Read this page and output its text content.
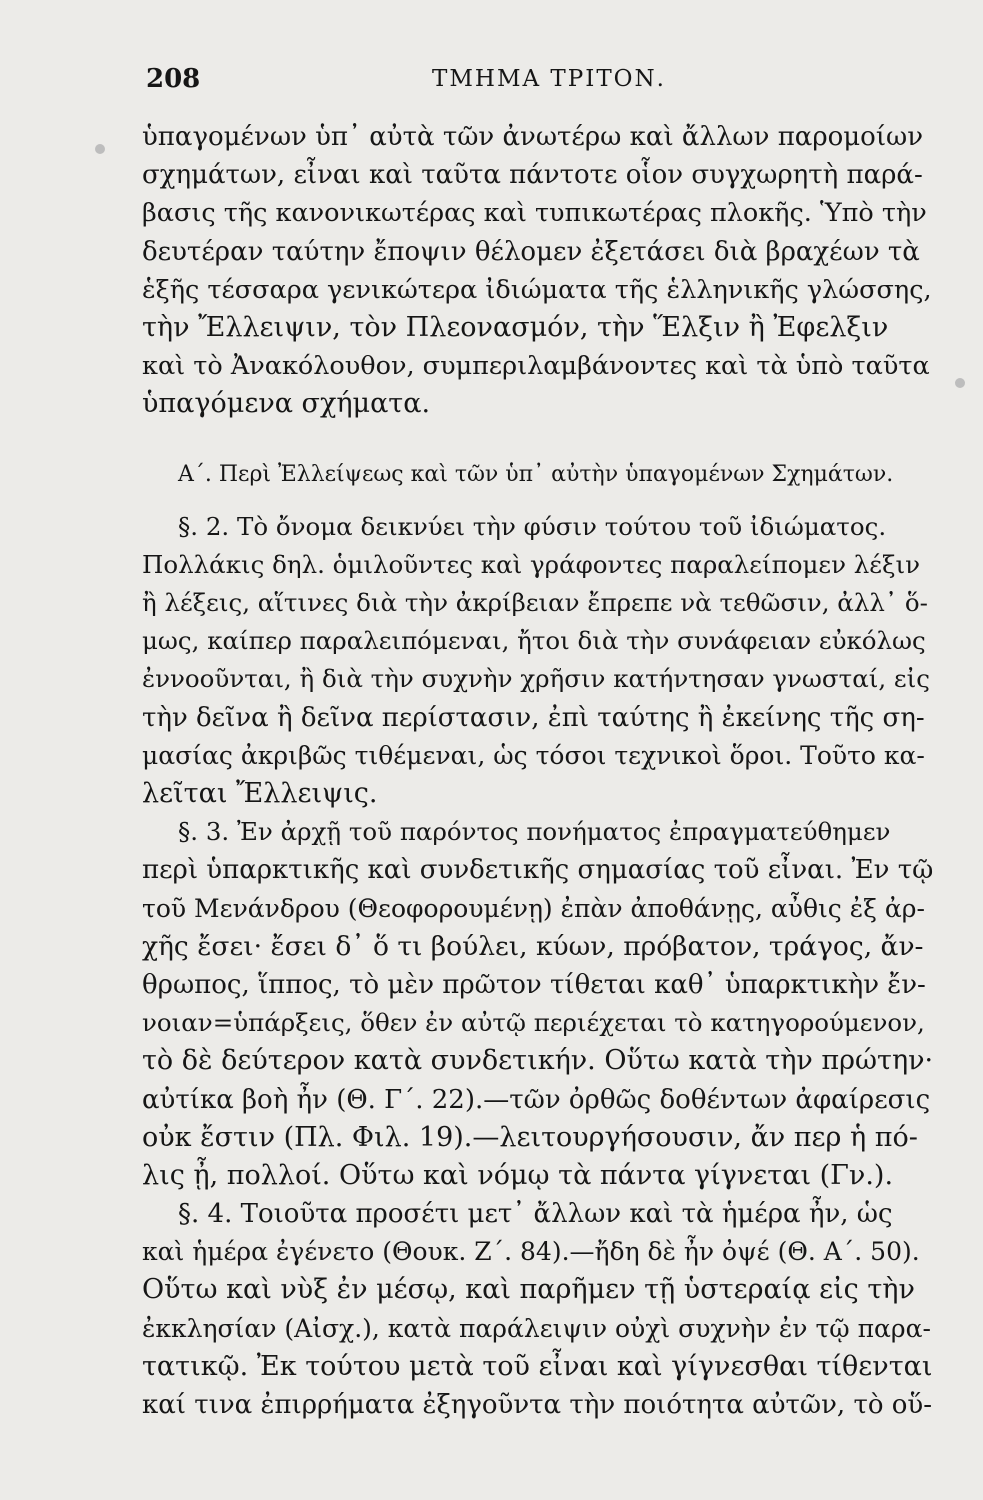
208	ΤΜΗΜΑ ΤΡΙΤΟΝ.
ὑπαγομένων ὑπ᾽ αὐτὰ τῶν ἀνωτέρω καὶ ἄλλων παρομοίων
σχημάτων, εἶναι καὶ ταῦτα πάντοτε οἷον συγχωρητὴ παρά-
βασις τῆς κανονικωτέρας καὶ τυπικωτέρας πλοκῆς. Ὑπὸ τὴν
δευτέραν ταύτην ἔποψιν θέλομεν ἐξετάσει διὰ βραχέων τὰ
ἑξῆς τέσσαρα γενικώτερα ἰδιώματα τῆς ἑλληνικῆς γλώσσης,
τὴν Ἔλλειψιν, τὸν Πλεονασμόν, τὴν Ἕλξιν ἢ Ἐφελξιν
καὶ τὸ Ἀνακόλουθον, συμπεριλαμβάνοντες καὶ τὰ ὑπὸ ταῦτα
ὑπαγόμενα σχήματα.
Α΄. Περὶ Ἐλλείψεως καὶ τῶν ὑπ᾽ αὐτὴν ὑπαγομένων Σχημάτων.
§. 2. Τὸ ὄνομα δεικνύει τὴν φύσιν τούτου τοῦ ἰδιώματος.
Πολλάκις δηλ. ὁμιλοῦντες καὶ γράφοντες παραλείπομεν λέξιν
ἢ λέξεις, αἵτινες διὰ τὴν ἀκρίβειαν ἔπρεπε νὰ τεθῶσιν, ἀλλ᾽ ὅ-
μως, καίπερ παραλειπόμεναι, ἤτοι διὰ τὴν συνάφειαν εὐκόλως
ἐννοοῦνται, ἢ διὰ τὴν συχνὴν χρῆσιν κατήντησαν γνωσταί, εἰς
τὴν δεῖνα ἢ δεῖνα περίστασιν, ἐπὶ ταύτης ἢ ἐκείνης τῆς ση-
μασίας ἀκριβῶς τιθέμεναι, ὡς τόσοι τεχνικοὶ ὅροι. Τοῦτο κα-
λεῖται Ἔλλειψις.
§. 3. Ἐν ἀρχῇ τοῦ παρόντος πονήματος ἐπραγματεύθημεν
περὶ ὑπαρκτικῆς καὶ συνδετικῆς σημασίας τοῦ εἶναι. Ἐν τῷ
τοῦ Μενάνδρου (Θεοφορουμένῃ) ἐπὰν ἀποθάνῃς, αὖθις ἐξ ἀρ-
χῆς ἔσει· ἔσει δ᾽ ὅ τι βούλει, κύων, πρόβατον, τράγος, ἄν-
θρωπος, ἵππος, τὸ μὲν πρῶτον τίθεται καθ᾽ ὑπαρκτικὴν ἔν-
νοιαν=ὑπάρξεις, ὅθεν ἐν αὐτῷ περιέχεται τὸ κατηγορούμενον,
τὸ δὲ δεύτερον κατὰ συνδετικήν. Οὕτω κατὰ τὴν πρώτην·
αὐτίκα βοὴ ἦν (Θ. Γ΄. 22).—τῶν ὀρθῶς δοθέντων ἀφαίρεσις
οὐκ ἔστιν (Πλ. Φιλ. 19).—λειτουργήσουσιν, ἄν περ ἡ πό-
λις ᾖ, πολλοί. Οὕτω καὶ νόμῳ τὰ πάντα γίγνεται (Γν.).
§. 4. Τοιοῦτα προσέτι μετ᾽ ἄλλων καὶ τὰ ἡμέρα ἦν, ὡς
καὶ ἡμέρα ἐγένετο (Θουκ. Ζ΄. 84).—ἤδη δὲ ἦν ὀψέ (Θ. Α΄. 50).
Οὕτω καὶ νὺξ ἐν μέσῳ, καὶ παρῆμεν τῇ ὑστεραίᾳ εἰς τὴν
ἐκκλησίαν (Αἰσχ.), κατὰ παράλειψιν οὐχὶ συχνὴν ἐν τῷ παρα-
τατικῷ. Ἐκ τούτου μετὰ τοῦ εἶναι καὶ γίγνεσθαι τίθενται
καί τινα ἐπιρρήματα ἐξηγοῦντα τὴν ποιότητα αὐτῶν, τὸ οὕ-
